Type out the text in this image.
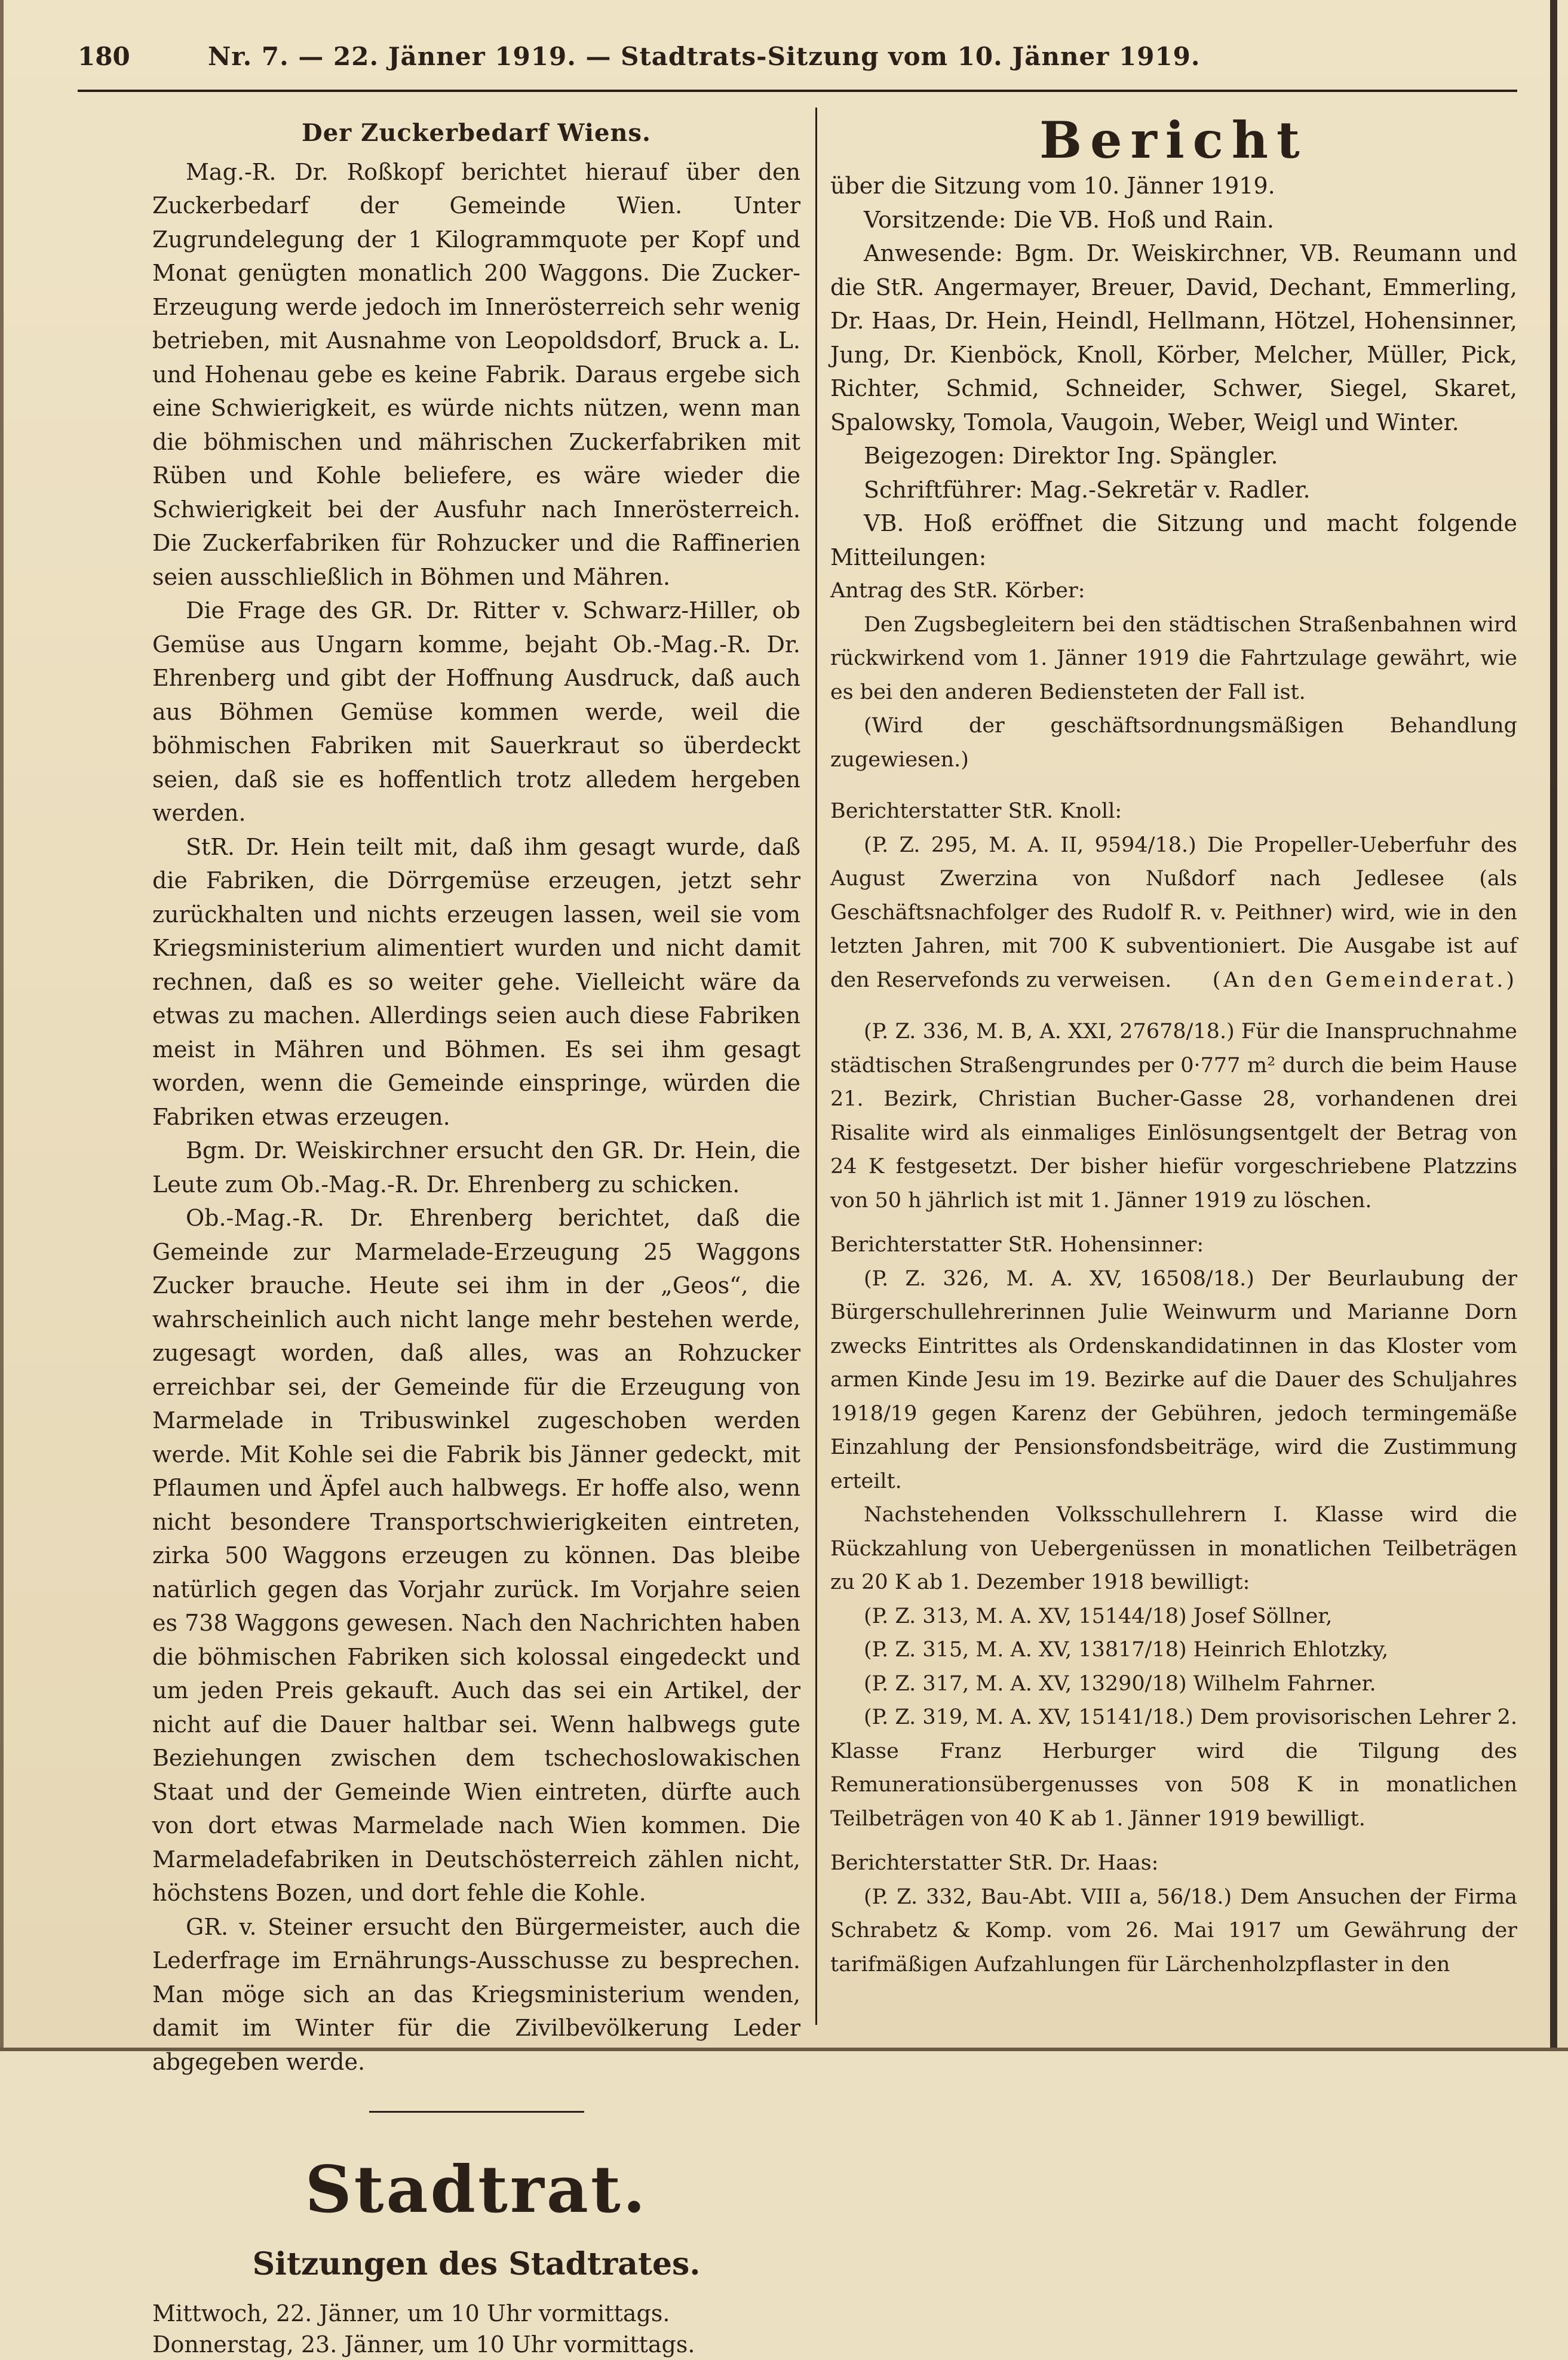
180	Nr. 7. — 22. Jänner 1919. — Stadtrats-Sitzung vom 10. Jänner 1919.
Der Zuckerbedarf Wiens.

Mag.-R. Dr. Roßkopf berichtet hierauf über den Zuckerbedarf der Gemeinde Wien. Unter Zugrundelegung der 1 Kilogrammquote per Kopf und Monat genügten monatlich 200 Waggons. Die Zucker-Erzeugung werde jedoch im Innerösterreich sehr wenig betrieben, mit Ausnahme von Leopoldsdorf, Bruck a. L. und Hohenau gebe es keine Fabrik. Daraus ergebe sich eine Schwierigkeit, es würde nichts nützen, wenn man die böhmischen und mährischen Zuckerfabriken mit Rüben und Kohle beliefere, es wäre wieder die Schwierigkeit bei der Ausfuhr nach Innerösterreich. Die Zuckerfabriken für Rohzucker und die Raffinerien seien ausschließlich in Böhmen und Mähren.

Die Frage des GR. Dr. Ritter v. Schwarz-Hiller, ob Gemüse aus Ungarn komme, bejaht Ob.-Mag.-R. Dr. Ehrenberg und gibt der Hoffnung Ausdruck, daß auch aus Böhmen Gemüse kommen werde, weil die böhmischen Fabriken mit Sauerkraut so überdeckt seien, daß sie es hoffentlich trotz alledem hergeben werden.

StR. Dr. Hein teilt mit, daß ihm gesagt wurde, daß die Fabriken, die Dörrgemüse erzeugen, jetzt sehr zurückhalten und nichts erzeugen lassen, weil sie vom Kriegsministerium alimentiert wurden und nicht damit rechnen, daß es so weiter gehe. Vielleicht wäre da etwas zu machen. Allerdings seien auch diese Fabriken meist in Mähren und Böhmen. Es sei ihm gesagt worden, wenn die Gemeinde einspringe, würden die Fabriken etwas erzeugen.

Bgm. Dr. Weiskirchner ersucht den GR. Dr. Hein, die Leute zum Ob.-Mag.-R. Dr. Ehrenberg zu schicken.

Ob.-Mag.-R. Dr. Ehrenberg berichtet, daß die Gemeinde zur Marmelade-Erzeugung 25 Waggons Zucker brauche. Heute sei ihm in der „Geos“, die wahrscheinlich auch nicht lange mehr bestehen werde, zugesagt worden, daß alles, was an Rohzucker erreichbar sei, der Gemeinde für die Erzeugung von Marmelade in Tribuswinkel zugeschoben werden werde. Mit Kohle sei die Fabrik bis Jänner gedeckt, mit Pflaumen und Äpfel auch halbwegs. Er hoffe also, wenn nicht besondere Transportschwierigkeiten eintreten, zirka 500 Waggons erzeugen zu können. Das bleibe natürlich gegen das Vorjahr zurück. Im Vorjahre seien es 738 Waggons gewesen. Nach den Nachrichten haben die böhmischen Fabriken sich kolossal eingedeckt und um jeden Preis gekauft. Auch das sei ein Artikel, der nicht auf die Dauer haltbar sei. Wenn halbwegs gute Beziehungen zwischen dem tschechoslowakischen Staat und der Gemeinde Wien eintreten, dürfte auch von dort etwas Marmelade nach Wien kommen. Die Marmeladefabriken in Deutschösterreich zählen nicht, höchstens Bozen, und dort fehle die Kohle.

GR. v. Steiner ersucht den Bürgermeister, auch die Lederfrage im Ernährungs-Ausschusse zu besprechen. Man möge sich an das Kriegsministerium wenden, damit im Winter für die Zivilbevölkerung Leder abgegeben werde.

Stadtrat.
Sitzungen des Stadtrates.

Mittwoch, 22. Jänner, um 10 Uhr vormittags.

Donnerstag, 23. Jänner, um 10 Uhr vormittags.

Bericht

über die Sitzung vom 10. Jänner 1919.

Vorsitzende: Die VB. Hoß und Rain.

Anwesende: Bgm. Dr. Weiskirchner, VB. Reumann und die StR. Angermayer, Breuer, David, Dechant, Emmerling, Dr. Haas, Dr. Hein, Heindl, Hellmann, Hötzel, Hohensinner, Jung, Dr. Kienböck, Knoll, Körber, Melcher, Müller, Pick, Richter, Schmid, Schneider, Schwer, Siegel, Skaret, Spalowsky, Tomola, Vaugoin, Weber, Weigl und Winter.

Beigezogen: Direktor Ing. Spängler.

Schriftführer: Mag.-Sekretär v. Radler.

VB. Hoß eröffnet die Sitzung und macht folgende Mitteilungen:

Antrag des StR. Körber:

Den Zugsbegleitern bei den städtischen Straßenbahnen wird rückwirkend vom 1. Jänner 1919 die Fahrtzulage gewährt, wie es bei den anderen Bediensteten der Fall ist.

(Wird der geschäftsordnungsmäßigen Behandlung zugewiesen.)

Berichterstatter StR. Knoll:

(P. Z. 295, M. A. II, 9594/18.) Die Propeller-Ueberfuhr des August Zwerzina von Nußdorf nach Jedlesee (als Geschäftsnachfolger des Rudolf R. v. Peithner) wird, wie in den letzten Jahren, mit 700 K subventioniert. Die Ausgabe ist auf den Reservefonds zu verweisen.	(An den Gemeinderat.)

(P. Z. 336, M. B, A. XXI, 27678/18.) Für die Inanspruchnahme städtischen Straßengrundes per 0·777 m² durch die beim Hause 21. Bezirk, Christian Bucher-Gasse 28, vorhandenen drei Risalite wird als einmaliges Einlösungsentgelt der Betrag von 24 K festgesetzt. Der bisher hiefür vorgeschriebene Platzzins von 50 h jährlich ist mit 1. Jänner 1919 zu löschen.

Berichterstatter StR. Hohensinner:

(P. Z. 326, M. A. XV, 16508/18.) Der Beurlaubung der Bürgerschullehrerinnen Julie Weinwurm und Marianne Dorn zwecks Eintrittes als Ordenskandidatinnen in das Kloster vom armen Kinde Jesu im 19. Bezirke auf die Dauer des Schuljahres 1918/19 gegen Karenz der Gebühren, jedoch termingemäße Einzahlung der Pensionsfondsbeiträge, wird die Zustimmung erteilt.

Nachstehenden Volksschullehrern I. Klasse wird die Rückzahlung von Uebergenüssen in monatlichen Teilbeträgen zu 20 K ab 1. Dezember 1918 bewilligt:

(P. Z. 313, M. A. XV, 15144/18) Josef Söllner,

(P. Z. 315, M. A. XV, 13817/18) Heinrich Ehlotzky,

(P. Z. 317, M. A. XV, 13290/18) Wilhelm Fahrner.

(P. Z. 319, M. A. XV, 15141/18.) Dem provisorischen Lehrer 2. Klasse Franz Herburger wird die Tilgung des Remunerationsübergenusses von 508 K in monatlichen Teilbeträgen von 40 K ab 1. Jänner 1919 bewilligt.

Berichterstatter StR. Dr. Haas:

(P. Z. 332, Bau-Abt. VIII a, 56/18.) Dem Ansuchen der Firma Schrabetz & Komp. vom 26. Mai 1917 um Gewährung der tarifmäßigen Aufzahlungen für Lärchenholzpflaster in den
